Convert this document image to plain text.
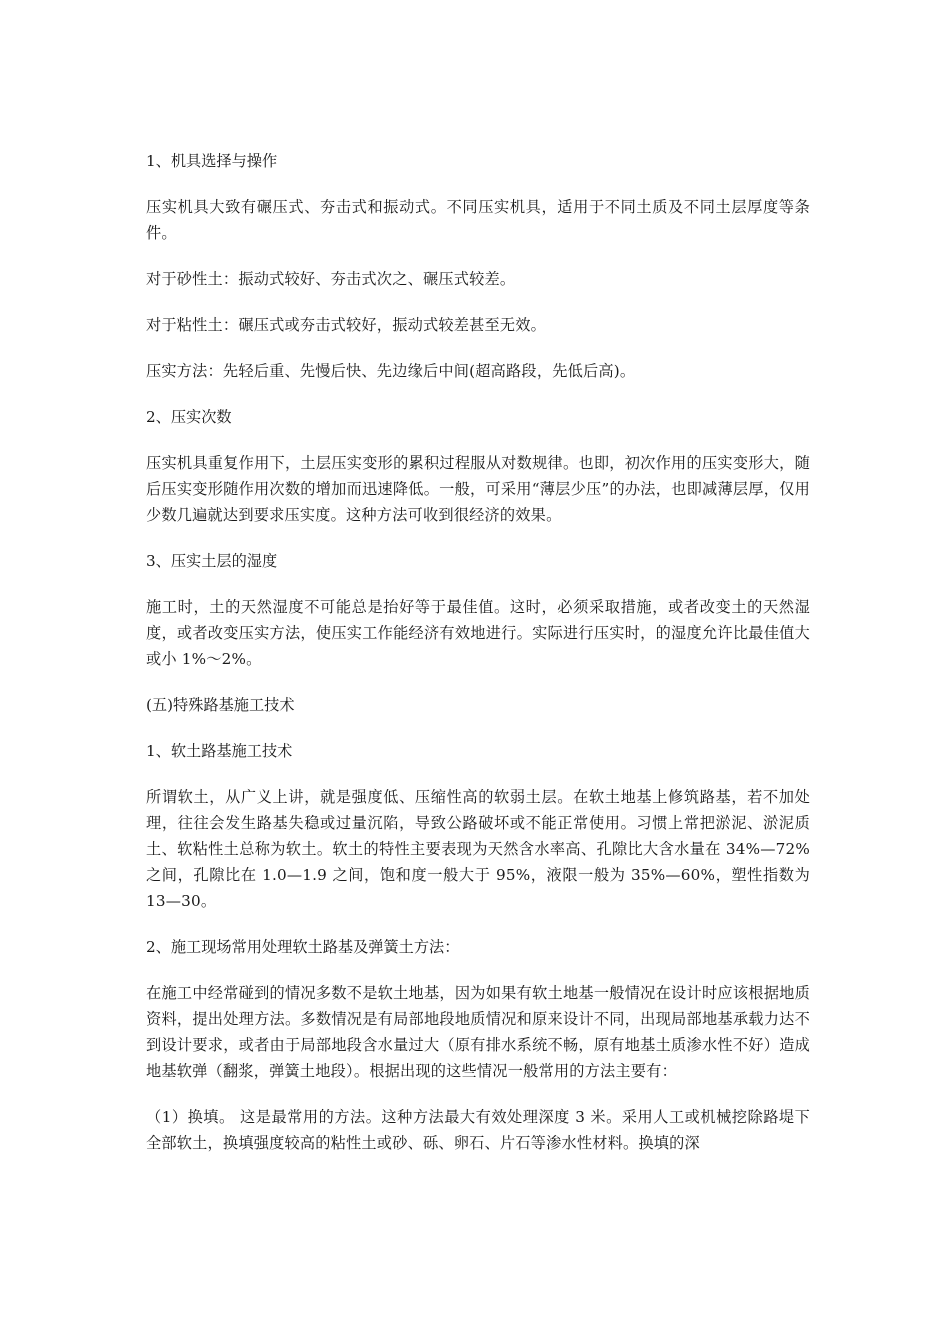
1、机具选择与操作

压实机具大致有碾压式、夯击式和振动式。不同压实机具，适用于不同土质及不同土层厚度等条件。

对于砂性土：振动式较好、夯击式次之、碾压式较差。

对于粘性土：碾压式或夯击式较好，振动式较差甚至无效。

压实方法：先轻后重、先慢后快、先边缘后中间(超高路段，先低后高)。

2、压实次数

压实机具重复作用下，土层压实变形的累积过程服从对数规律。也即，初次作用的压实变形大，随后压实变形随作用次数的增加而迅速降低。一般，可采用“薄层少压”的办法，也即减薄层厚，仅用少数几遍就达到要求压实度。这种方法可收到很经济的效果。

3、压实土层的湿度

施工时，土的天然湿度不可能总是抬好等于最佳值。这时，必须采取措施，或者改变土的天然湿度，或者改变压实方法，使压实工作能经济有效地进行。实际进行压实时，的湿度允许比最佳值大或小 1%～2%。

(五)特殊路基施工技术

1、软土路基施工技术

所谓软土，从广义上讲，就是强度低、压缩性高的软弱土层。在软土地基上修筑路基，若不加处理，往往会发生路基失稳或过量沉陷，导致公路破坏或不能正常使用。习惯上常把淤泥、淤泥质土、软粘性土总称为软土。软土的特性主要表现为天然含水率高、孔隙比大含水量在 34%—72%之间，孔隙比在 1.0—1.9 之间，饱和度一般大于 95%，液限一般为 35%—60%，塑性指数为 13—30。

2、施工现场常用处理软土路基及弹簧土方法：

在施工中经常碰到的情况多数不是软土地基，因为如果有软土地基一般情况在设计时应该根据地质资料，提出处理方法。多数情况是有局部地段地质情况和原来设计不同，出现局部地基承载力达不到设计要求，或者由于局部地段含水量过大（原有排水系统不畅，原有地基土质渗水性不好）造成地基软弹（翻浆，弹簧土地段）。根据出现的这些情况一般常用的方法主要有：

（1）换填。 这是最常用的方法。这种方法最大有效处理深度 3 米。采用人工或机械挖除路堤下全部软土，换填强度较高的粘性土或砂、砾、卵石、片石等渗水性材料。换填的深
